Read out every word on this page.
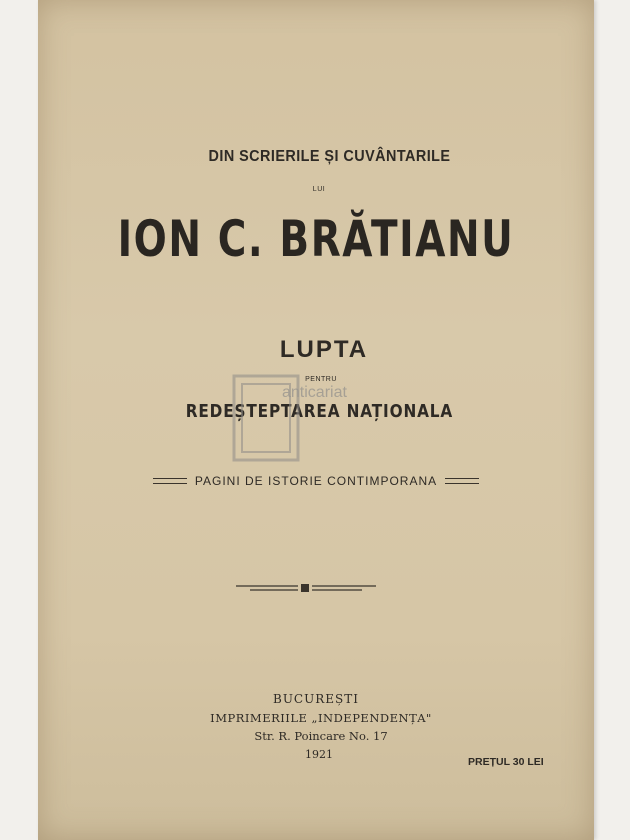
DIN SCRIERILE ȘI CUVÂNTARILE
LUI
ION C. BRĂTIANU
LUPTA
PENTRU
REDEȘTEPTAREA NAȚIONALA
PAGINI DE ISTORIE CONTIMPORANA
BUCUREȘTI
IMPRIMERIILE „INDEPENDENȚA"
Str. R. Poincare No. 17
1921
PREȚUL 30 LEI
anticariat
